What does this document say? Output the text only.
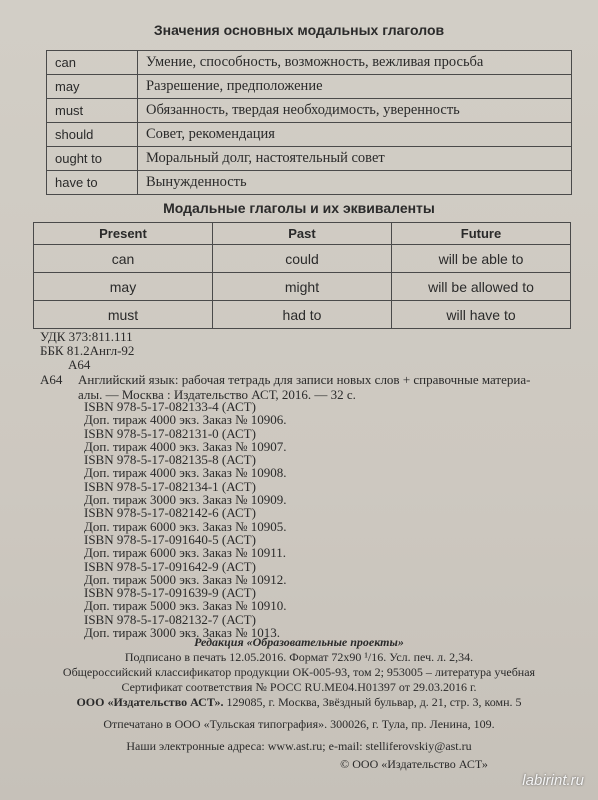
Значения основных модальных глаголов
can	Умение, способность, возможность, вежливая просьба
may	Разрешение, предположение
must	Обязанность, твердая необходимость, уверенность
should	Совет, рекомендация
ought to	Моральный долг, настоятельный совет
have to	Вынужденность
Модальные глаголы и их эквиваленты
Present	Past	Future
can	could	will be able to
may	might	will be allowed to
must	had to	will have to
УДК 373:811.111
ББК 81.2Англ-92
А64
А64 Английский язык: рабочая тетрадь для записи новых слов + справочные материа-
алы. — Москва : Издательство АСТ, 2016. — 32 с.
ISBN 978-5-17-082133-4 (АСТ)
Доп. тираж 4000 экз. Заказ № 10906.
ISBN 978-5-17-082131-0 (АСТ)
Доп. тираж 4000 экз. Заказ № 10907.
ISBN 978-5-17-082135-8 (АСТ)
Доп. тираж 4000 экз. Заказ № 10908.
ISBN 978-5-17-082134-1 (АСТ)
Доп. тираж 3000 экз. Заказ № 10909.
ISBN 978-5-17-082142-6 (АСТ)
Доп. тираж 6000 экз. Заказ № 10905.
ISBN 978-5-17-091640-5 (АСТ)
Доп. тираж 6000 экз. Заказ № 10911.
ISBN 978-5-17-091642-9 (АСТ)
Доп. тираж 5000 экз. Заказ № 10912.
ISBN 978-5-17-091639-9 (АСТ)
Доп. тираж 5000 экз. Заказ № 10910.
ISBN 978-5-17-082132-7 (АСТ)
Доп. тираж 3000 экз. Заказ № 1013.
Редакция «Образовательные проекты»
Подписано в печать 12.05.2016. Формат 72х90 ¹/16. Усл. печ. л. 2,34.
Общероссийский классификатор продукции ОК-005-93, том 2; 953005 – литература учебная
Сертификат соответствия № РОСС RU.МЕ04.Н01397 от 29.03.2016 г.
ООО «Издательство АСТ». 129085, г. Москва, Звёздный бульвар, д. 21, стр. 3, комн. 5
Отпечатано в ООО «Тульская типография». 300026, г. Тула, пр. Ленина, 109.
Наши электронные адреса: www.ast.ru; e-mail: stelliferovskiy@ast.ru
© ООО «Издательство АСТ»
labirint.ru
